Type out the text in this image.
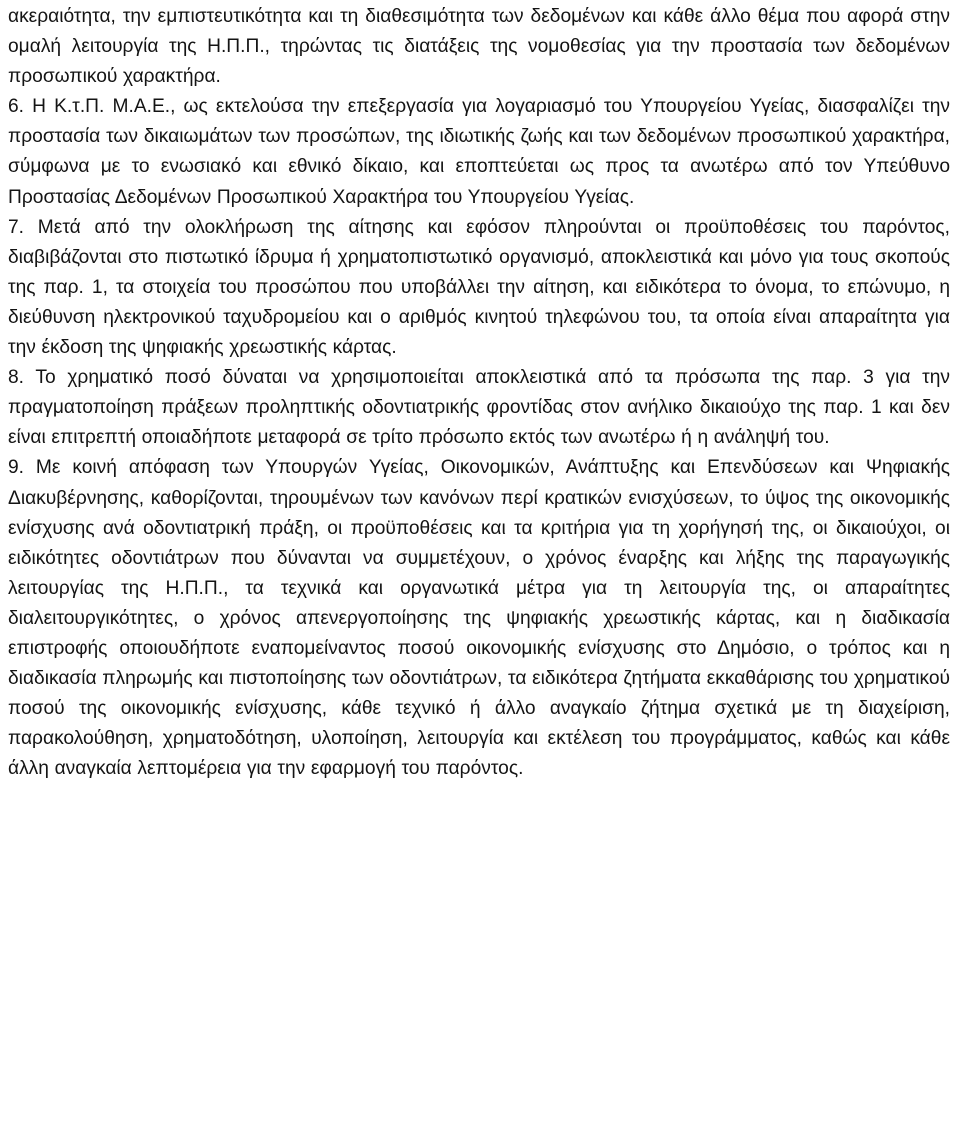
ακεραιότητα, την εμπιστευτικότητα και τη διαθεσιμότητα των δεδομένων και κάθε άλλο θέμα που αφορά στην ομαλή λειτουργία της Η.Π.Π., τηρώντας τις διατάξεις της νομοθεσίας για την προστασία των δεδομένων προσωπικού χαρακτήρα.

6. Η Κ.τ.Π. Μ.Α.Ε., ως εκτελούσα την επεξεργασία για λογαριασμό του Υπουργείου Υγείας, διασφαλίζει την προστασία των δικαιωμάτων των προσώπων, της ιδιωτικής ζωής και των δεδομένων προσωπικού χαρακτήρα, σύμφωνα με το ενωσιακό και εθνικό δίκαιο, και εποπτεύεται ως προς τα ανωτέρω από τον Υπεύθυνο Προστασίας Δεδομένων Προσωπικού Χαρακτήρα του Υπουργείου Υγείας.

7. Μετά από την ολοκλήρωση της αίτησης και εφόσον πληρούνται οι προϋποθέσεις του παρόντος, διαβιβάζονται στο πιστωτικό ίδρυμα ή χρηματοπιστωτικό οργανισμό, αποκλειστικά και μόνο για τους σκοπούς της παρ. 1, τα στοιχεία του προσώπου που υποβάλλει την αίτηση, και ειδικότερα το όνομα, το επώνυμο, η διεύθυνση ηλεκτρονικού ταχυδρομείου και ο αριθμός κινητού τηλεφώνου του, τα οποία είναι απαραίτητα για την έκδοση της ψηφιακής χρεωστικής κάρτας.

8. Το χρηματικό ποσό δύναται να χρησιμοποιείται αποκλειστικά από τα πρόσωπα της παρ. 3 για την πραγματοποίηση πράξεων προληπτικής οδοντιατρικής φροντίδας στον ανήλικο δικαιούχο της παρ. 1 και δεν είναι επιτρεπτή οποιαδήποτε μεταφορά σε τρίτο πρόσωπο εκτός των ανωτέρω ή η ανάληψή του.

9. Με κοινή απόφαση των Υπουργών Υγείας, Οικονομικών, Ανάπτυξης και Επενδύσεων και Ψηφιακής Διακυβέρνησης, καθορίζονται, τηρουμένων των κανόνων περί κρατικών ενισχύσεων, το ύψος της οικονομικής ενίσχυσης ανά οδοντιατρική πράξη, οι προϋποθέσεις και τα κριτήρια για τη χορήγησή της, οι δικαιούχοι, οι ειδικότητες οδοντιάτρων που δύνανται να συμμετέχουν, ο χρόνος έναρξης και λήξης της παραγωγικής λειτουργίας της Η.Π.Π., τα τεχνικά και οργανωτικά μέτρα για τη λειτουργία της, οι απαραίτητες διαλειτουργικότητες, ο χρόνος απενεργοποίησης της ψηφιακής χρεωστικής κάρτας, και η διαδικασία επιστροφής οποιουδήποτε εναπομείναντος ποσού οικονομικής ενίσχυσης στο Δημόσιο, ο τρόπος και η διαδικασία πληρωμής και πιστοποίησης των οδοντιάτρων, τα ειδικότερα ζητήματα εκκαθάρισης του χρηματικού ποσού της οικονομικής ενίσχυσης, κάθε τεχνικό ή άλλο αναγκαίο ζήτημα σχετικά με τη διαχείριση, παρακολούθηση, χρηματοδότηση, υλοποίηση, λειτουργία και εκτέλεση του προγράμματος, καθώς και κάθε άλλη αναγκαία λεπτομέρεια για την εφαρμογή του παρόντος.
